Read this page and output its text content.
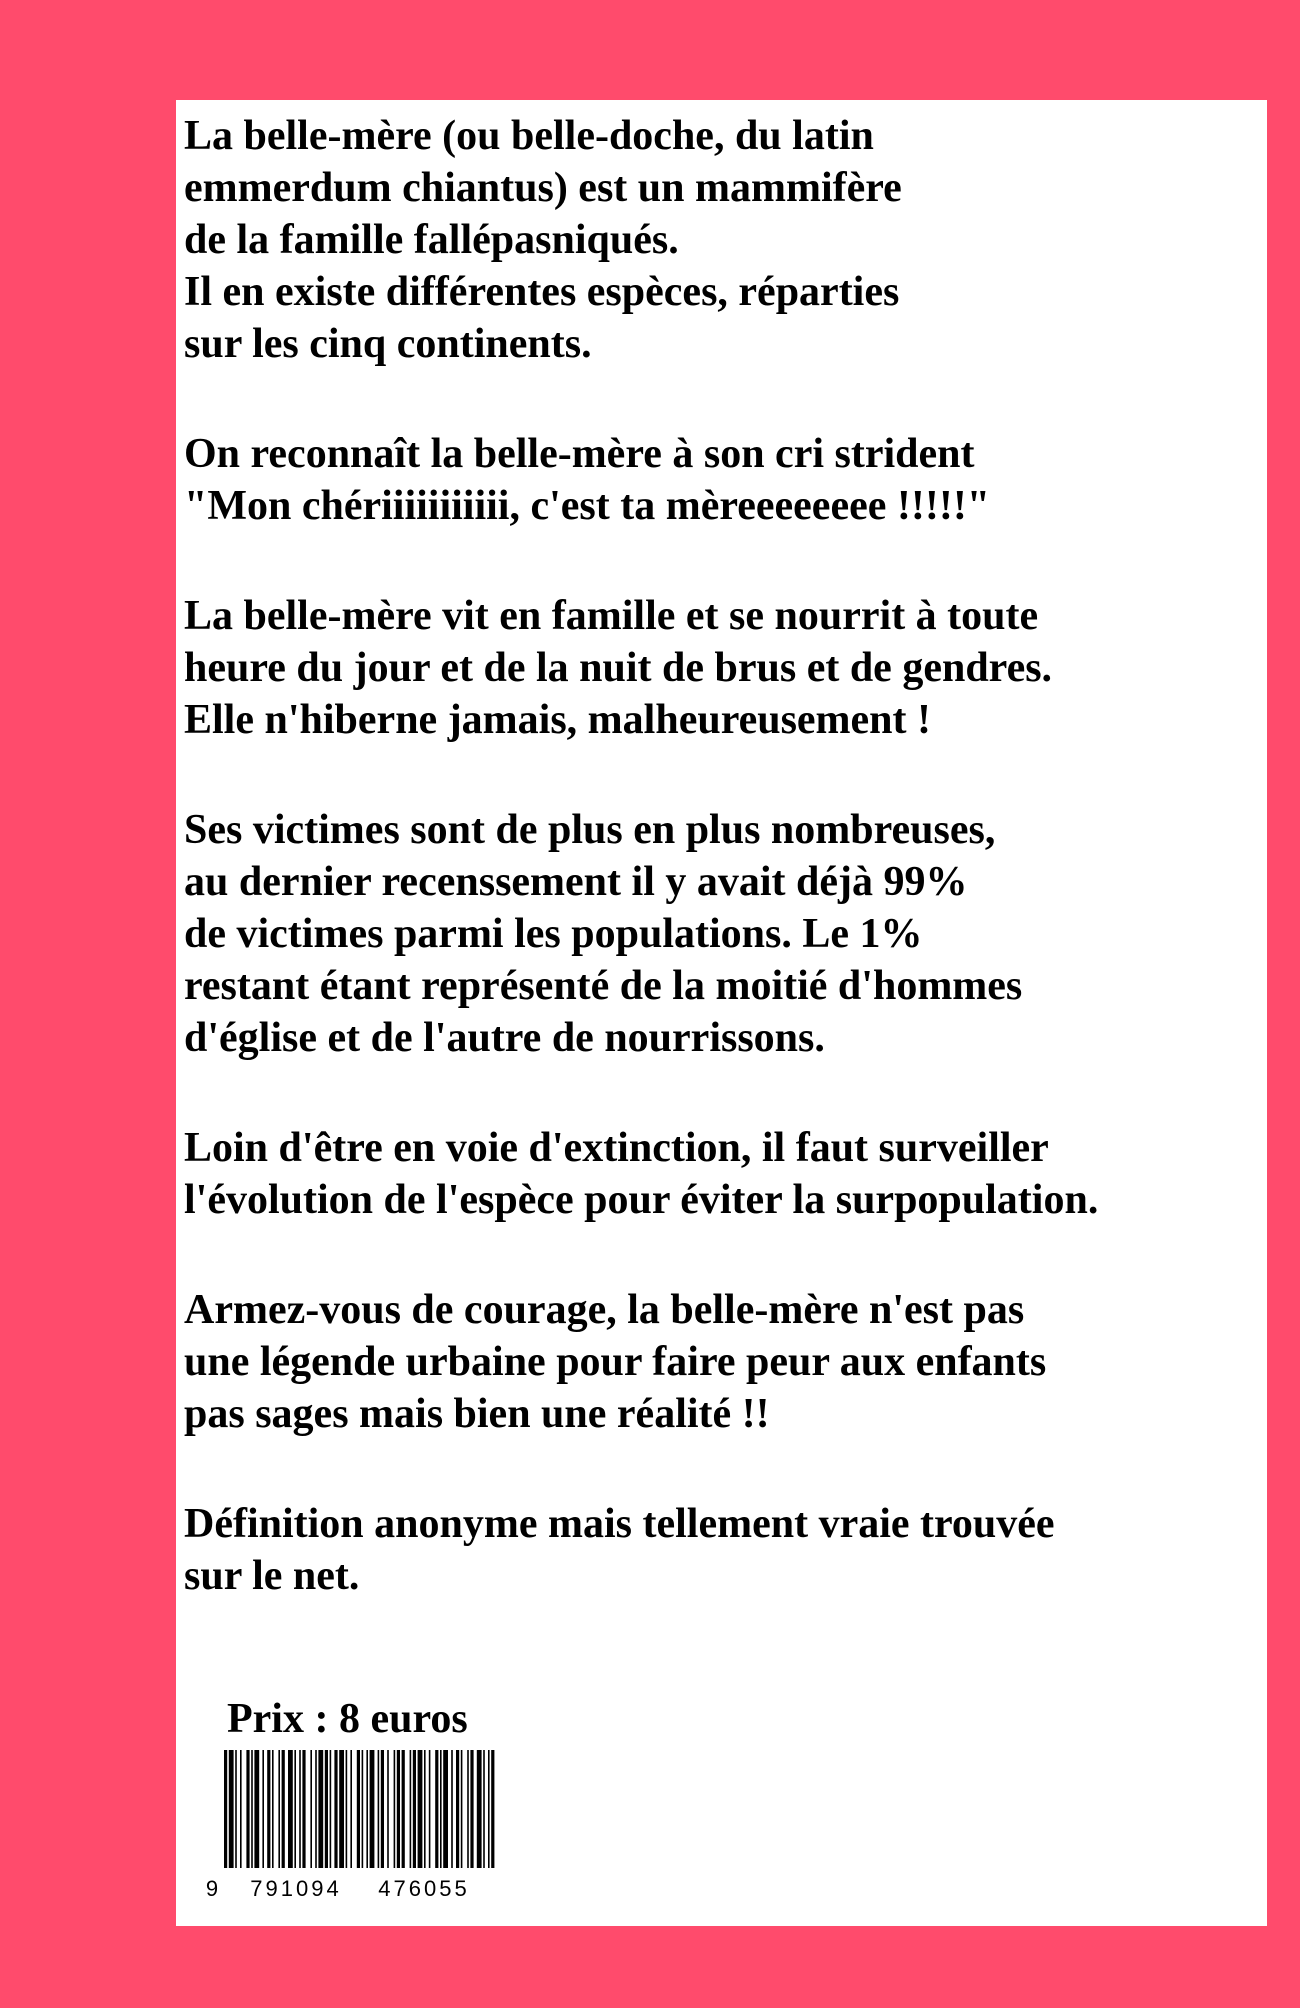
La belle-mère (ou belle-doche, du latin
emmerdum chiantus) est un mammifère
de la famille fallépasniqués.
Il en existe différentes espèces, réparties
sur les cinq continents.
On reconnaît la belle-mère à son cri strident
"Mon chériiiiiiiiiii, c'est ta mèreeeeeeee !!!!!"
La belle-mère vit en famille et se nourrit à toute
heure du jour et de la nuit de brus et de gendres.
Elle n'hiberne jamais, malheureusement !
Ses victimes sont de plus en plus nombreuses,
au dernier recenssement il y avait déjà 99%
de victimes parmi les populations. Le 1%
restant étant représenté de la moitié d'hommes
d'église et de l'autre de nourrissons.
Loin d'être en voie d'extinction, il faut surveiller
l'évolution de l'espèce pour éviter la surpopulation.
Armez-vous de courage, la belle-mère n'est pas
une légende urbaine pour faire peur aux enfants
pas sages mais bien une réalité !!
Définition anonyme mais tellement vraie trouvée
sur le net.
Prix : 8 euros
9 791094 476055
